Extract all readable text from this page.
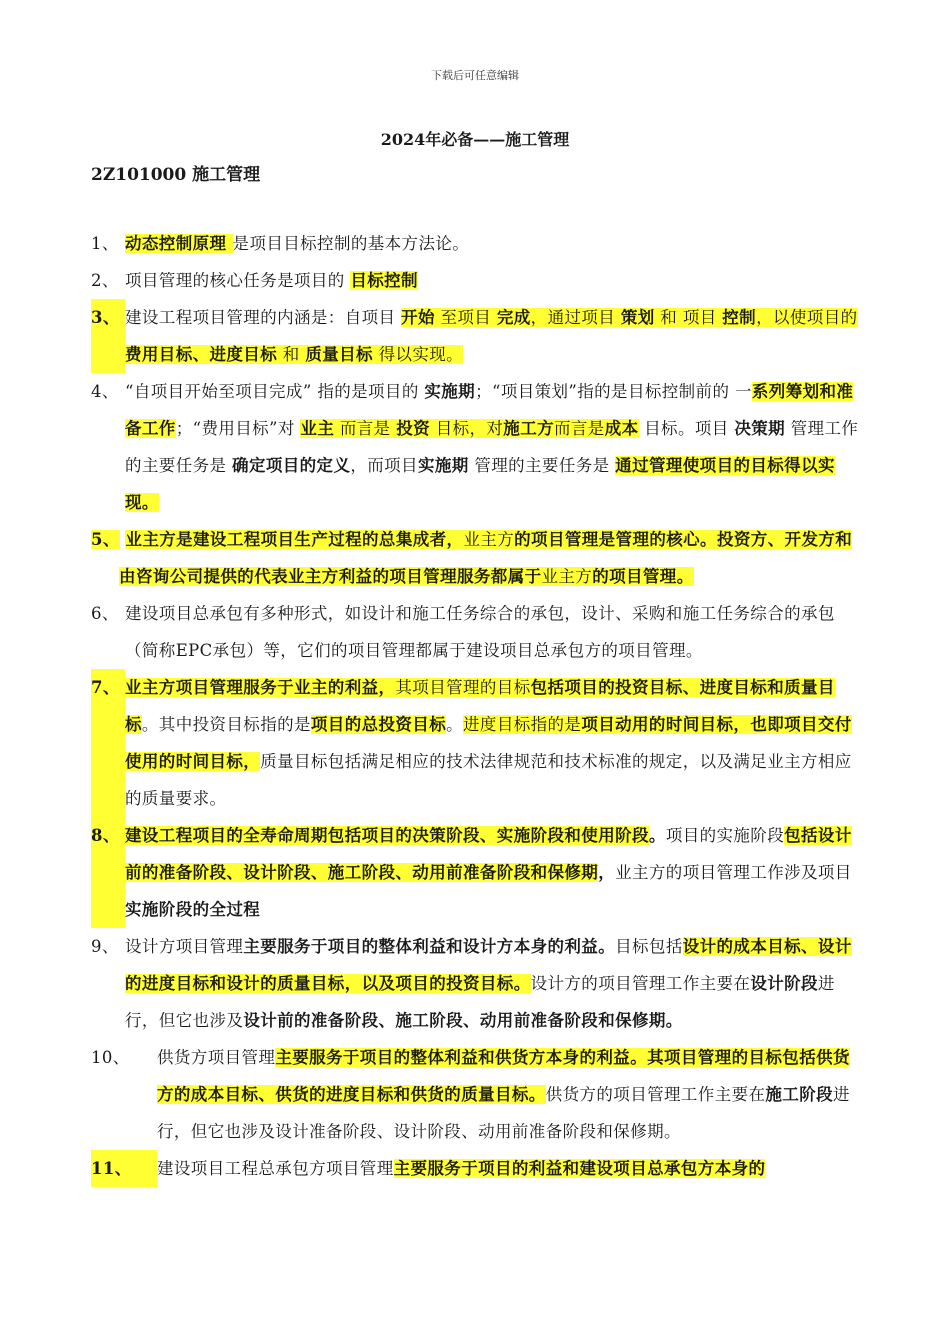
下载后可任意编辑
2024年必备——施工管理
2Z101000 施工管理
1、 动态控制原理 是项目目标控制的基本方法论。
2、 项目管理的核心任务是项目的 目标控制
3、 建设工程项目管理的内涵是：自项目 开始 至项目 完成，通过项目 策划 和 项目 控制，以使项目的 费用目标、进度目标 和 质量目标 得以实现。
4、 “自项目开始至项目完成” 指的是项目的 实施期；“项目策划”指的是目标控制前的 一系列筹划和准备工作；“费用目标”对 业主 而言是 投资 目标，对施工方而言是成本 目标。项目 决策期 管理工作的主要任务是 确定项目的定义，而项目实施期 管理的主要任务是 通过管理使项目的目标得以实现。
5、 业主方是建设工程项目生产过程的总集成者，业主方的项目管理是管理的核心。投资方、开发方和由咨询公司提供的代表业主方利益的项目管理服务都属于业主方的项目管理。
6、 建设项目总承包有多种形式，如设计和施工任务综合的承包，设计、采购和施工任务综合的承包（简称EPC承包）等，它们的项目管理都属于建设项目总承包方的项目管理。
7、 业主方项目管理服务于业主的利益，其项目管理的目标包括项目的投资目标、进度目标和质量目标。其中投资目标指的是项目的总投资目标。进度目标指的是项目动用的时间目标，也即项目交付使用的时间目标，质量目标包括满足相应的技术法律规范和技术标准的规定，以及满足业主方相应的质量要求。
8、 建设工程项目的全寿命周期包括项目的决策阶段、实施阶段和使用阶段。项目的实施阶段包括设计前的准备阶段、设计阶段、施工阶段、动用前准备阶段和保修期，业主方的项目管理工作涉及项目实施阶段的全过程
9、 设计方项目管理主要服务于项目的整体利益和设计方本身的利益。目标包括设计的成本目标、设计的进度目标和设计的质量目标，以及项目的投资目标。设计方的项目管理工作主要在设计阶段进行，但它也涉及设计前的准备阶段、施工阶段、动用前准备阶段和保修期。
10、	供货方项目管理主要服务于项目的整体利益和供货方本身的利益。其项目管理的目标包括供货方的成本目标、供货的进度目标和供货的质量目标。供货方的项目管理工作主要在施工阶段进行，但它也涉及设计准备阶段、设计阶段、动用前准备阶段和保修期。
11、	建设项目工程总承包方项目管理主要服务于项目的利益和建设项目总承包方本身的
